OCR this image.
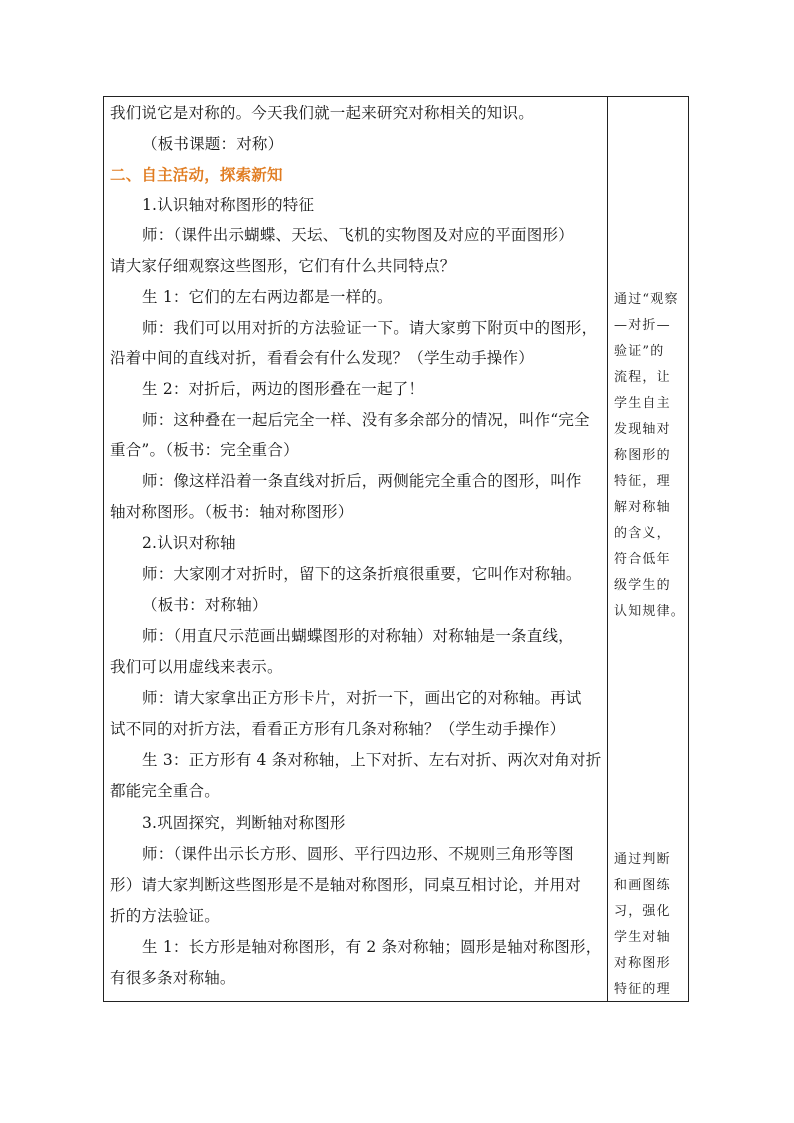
我们说它是对称的。今天我们就一起来研究对称相关的知识。
（板书课题：对称）
二、自主活动，探索新知
1.认识轴对称图形的特征
师：（课件出示蝴蝶、天坛、飞机的实物图及对应的平面图形）
请大家仔细观察这些图形，它们有什么共同特点？
生 1：它们的左右两边都是一样的。
师：我们可以用对折的方法验证一下。请大家剪下附页中的图形，
沿着中间的直线对折，看看会有什么发现？（学生动手操作）
生 2：对折后，两边的图形叠在一起了！
师：这种叠在一起后完全一样、没有多余部分的情况，叫作“完全
重合”。（板书：完全重合）
师：像这样沿着一条直线对折后，两侧能完全重合的图形，叫作
轴对称图形。（板书：轴对称图形）
2.认识对称轴
师：大家刚才对折时，留下的这条折痕很重要，它叫作对称轴。
（板书：对称轴）
师：（用直尺示范画出蝴蝶图形的对称轴）对称轴是一条直线，
我们可以用虚线来表示。
师：请大家拿出正方形卡片，对折一下，画出它的对称轴。再试
试不同的对折方法，看看正方形有几条对称轴？（学生动手操作）
生 3：正方形有 4 条对称轴，上下对折、左右对折、两次对角对折
都能完全重合。
3.巩固探究，判断轴对称图形
师：（课件出示长方形、圆形、平行四边形、不规则三角形等图
形）请大家判断这些图形是不是轴对称图形，同桌互相讨论，并用对
折的方法验证。
生 1：长方形是轴对称图形，有 2 条对称轴；圆形是轴对称图形，
有很多条对称轴。
通过“观察
—对折—
验证”的
流程，让
学生自主
发现轴对
称图形的
特征，理
解对称轴
的含义，
符合低年
级学生的
认知规律。
通过判断
和画图练
习，强化
学生对轴
对称图形
特征的理
